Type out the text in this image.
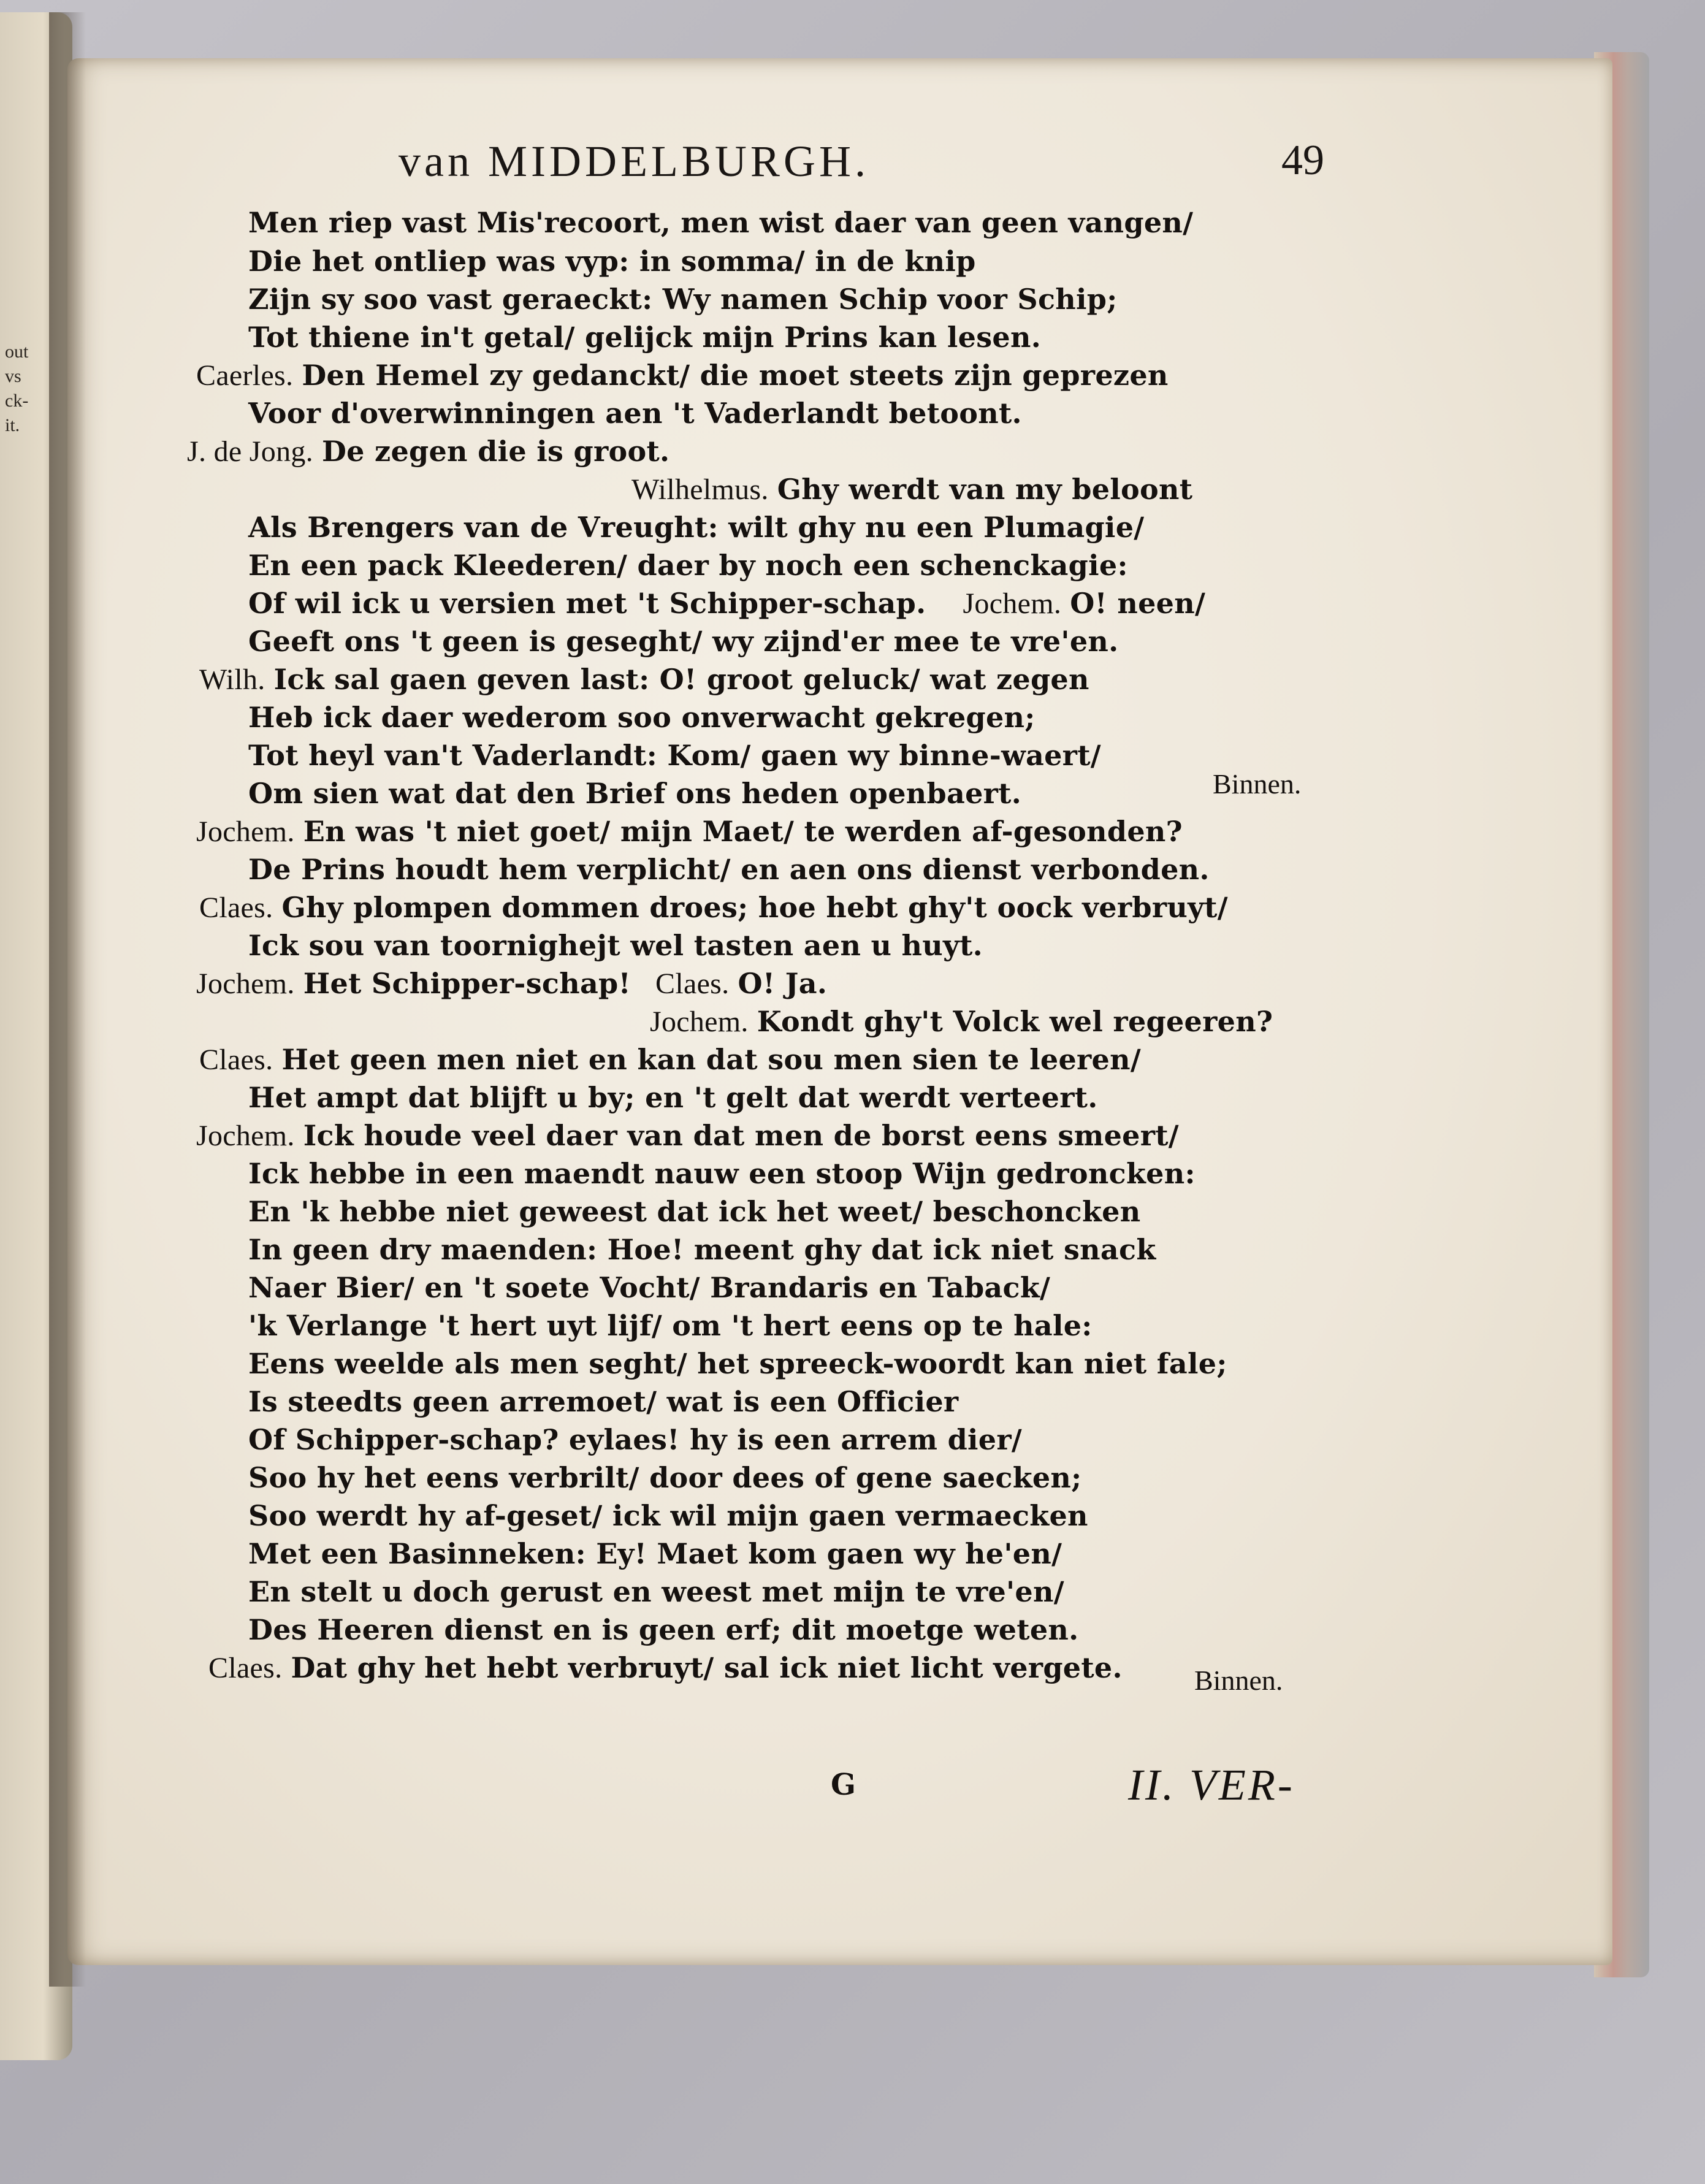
out
vs
ck-
it.
van MIDDELBURGH.	49
Men riep vast Mis'recoort, men wist daer van geen vangen/
Die het ontliep was vyp: in somma/ in de knip
Zijn sy soo vast geraeckt: Wy namen Schip voor Schip;
Tot thiene in't getal/ gelijck mijn Prins kan lesen.
Caerles. Den Hemel zy gedanckt/ die moet steets zijn geprezen
Voor d'overwinningen aen 't Vaderlandt betoont.
J. de Jong. De zegen die is groot.
Wilhelmus. Ghy werdt van my beloont
Als Brengers van de Vreught: wilt ghy nu een Plumagie/
En een pack Kleederen/ daer by noch een schenckagie:
Of wil ick u versien met 't Schipper-schap. Jochem. O! neen/
Geeft ons 't geen is geseght/ wy zijnd'er mee te vre'en.
Wilh. Ick sal gaen geven last: O! groot geluck/ wat zegen
Heb ick daer wederom soo onverwacht gekregen;
Tot heyl van't Vaderlandt: Kom/ gaen wy binne-waert/
Om sien wat dat den Brief ons heden openbaert.
Jochem. En was 't niet goet/ mijn Maet/ te werden af-gesonden?
De Prins houdt hem verplicht/ en aen ons dienst verbonden.
Claes. Ghy plompen dommen droes; hoe hebt ghy't oock verbruyt/
Ick sou van toornighejt wel tasten aen u huyt.
Jochem. Het Schipper-schap! Claes. O! Ja.
Jochem. Kondt ghy't Volck wel regeeren?
Claes. Het geen men niet en kan dat sou men sien te leeren/
Het ampt dat blijft u by; en 't gelt dat werdt verteert.
Jochem. Ick houde veel daer van dat men de borst eens smeert/
Ick hebbe in een maendt nauw een stoop Wijn gedroncken:
En 'k hebbe niet geweest dat ick het weet/ beschoncken
In geen dry maenden: Hoe! meent ghy dat ick niet snack
Naer Bier/ en 't soete Vocht/ Brandaris en Taback/
'k Verlange 't hert uyt lijf/ om 't hert eens op te hale:
Eens weelde als men seght/ het spreeck-woordt kan niet fale;
Is steedts geen arremoet/ wat is een Officier
Of Schipper-schap? eylaes! hy is een arrem dier/
Soo hy het eens verbrilt/ door dees of gene saecken;
Soo werdt hy af-geset/ ick wil mijn gaen vermaecken
Met een Basinneken: Ey! Maet kom gaen wy he'en/
En stelt u doch gerust en weest met mijn te vre'en/
Des Heeren dienst en is geen erf; dit moetge weten.
Claes. Dat ghy het hebt verbruyt/ sal ick niet licht vergete.
Binnen.
Binnen.
G	II. VER-
